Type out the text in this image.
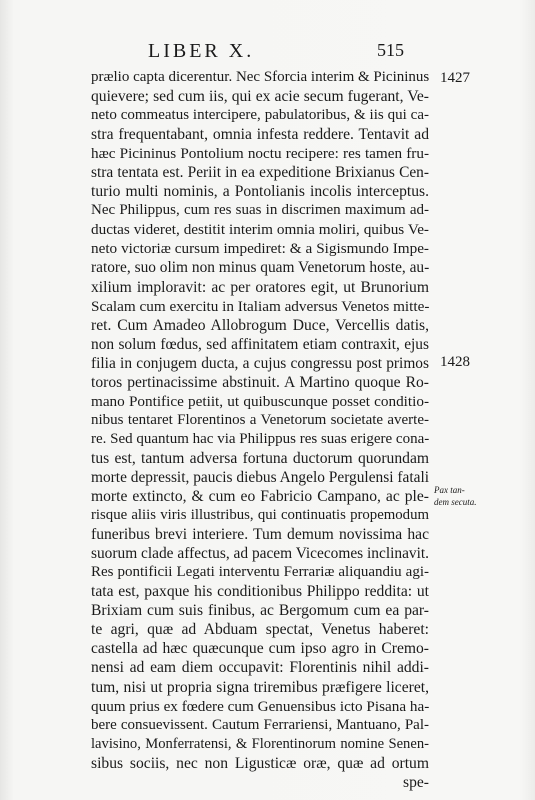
LIBER X.	515
prælio capta dicerentur. Nec Sforcia interim & Picininus
quievere; sed cum iis, qui ex acie secum fugerant, Ve-
neto commeatus intercipere, pabulatoribus, & iis qui ca-
stra frequentabant, omnia infesta reddere. Tentavit ad
hæc Picininus Pontolium noctu recipere: res tamen fru-
stra tentata est. Periit in ea expeditione Brixianus Cen-
turio multi nominis, a Pontolianis incolis interceptus.
Nec Philippus, cum res suas in discrimen maximum ad-
ductas videret, destitit interim omnia moliri, quibus Ve-
neto victoriæ cursum impediret: & a Sigismundo Impe-
ratore, suo olim non minus quam Venetorum hoste, au-
xilium imploravit: ac per oratores egit, ut Brunorium
Scalam cum exercitu in Italiam adversus Venetos mitte-
ret. Cum Amadeo Allobrogum Duce, Vercellis datis,
non solum fœdus, sed affinitatem etiam contraxit, ejus
filia in conjugem ducta, a cujus congressu post primos
toros pertinacissime abstinuit. A Martino quoque Ro-
mano Pontifice petiit, ut quibuscunque posset conditio-
nibus tentaret Florentinos a Venetorum societate averte-
re. Sed quantum hac via Philippus res suas erigere cona-
tus est, tantum adversa fortuna ductorum quorundam
morte depressit, paucis diebus Angelo Pergulensi fatali
morte extincto, & cum eo Fabricio Campano, ac ple-
risque aliis viris illustribus, qui continuatis propemodum
funeribus brevi interiere. Tum demum novissima hac
suorum clade affectus, ad pacem Vicecomes inclinavit.
Res pontificii Legati interventu Ferrariæ aliquandiu agi-
tata est, paxque his conditionibus Philippo reddita: ut
Brixiam cum suis finibus, ac Bergomum cum ea par-
te agri, quæ ad Abduam spectat, Venetus haberet:
castella ad hæc quæcunque cum ipso agro in Cremo-
nensi ad eam diem occupavit: Florentinis nihil addi-
tum, nisi ut propria signa triremibus præfigere liceret,
quum prius ex fœdere cum Genuensibus icto Pisana ha-
bere consuevissent. Cautum Ferrariensi, Mantuano, Pal-
lavisino, Monferratensi, & Florentinorum nomine Senen-
sibus sociis, nec non Ligusticæ oræ, quæ ad ortum
spe-
1427
1428
Pax tan-
dem secuta.
